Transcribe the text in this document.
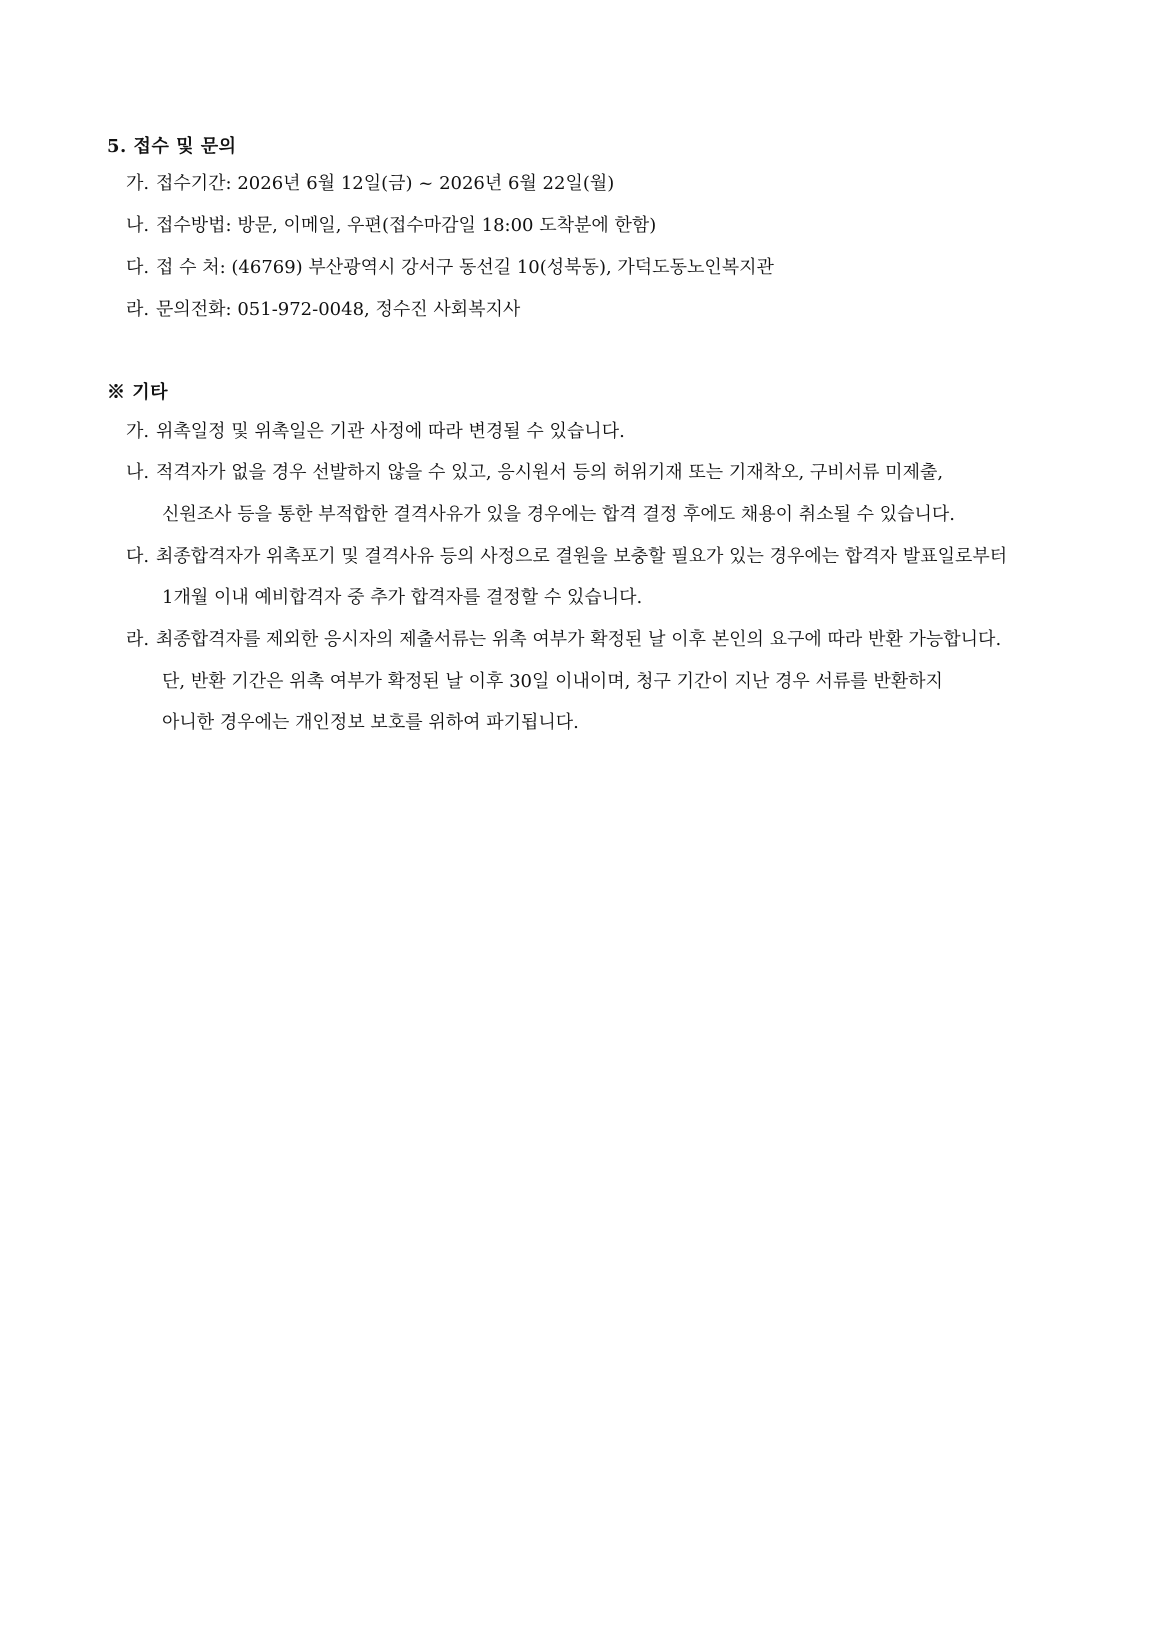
5. 접수 및 문의
가. 접수기간: 2026년 6월 12일(금) ~ 2026년 6월 22일(월)
나. 접수방법: 방문, 이메일, 우편(접수마감일 18:00 도착분에 한함)
다. 접 수 처: (46769) 부산광역시 강서구 동선길 10(성북동), 가덕도동노인복지관
라. 문의전화: 051-972-0048, 정수진 사회복지사
※ 기타
가. 위촉일정 및 위촉일은 기관 사정에 따라 변경될 수 있습니다.
나. 적격자가 없을 경우 선발하지 않을 수 있고, 응시원서 등의 허위기재 또는 기재착오, 구비서류 미제출,
신원조사 등을 통한 부적합한 결격사유가 있을 경우에는 합격 결정 후에도 채용이 취소될 수 있습니다.
다. 최종합격자가 위촉포기 및 결격사유 등의 사정으로 결원을 보충할 필요가 있는 경우에는 합격자 발표일로부터
1개월 이내 예비합격자 중 추가 합격자를 결정할 수 있습니다.
라. 최종합격자를 제외한 응시자의 제출서류는 위촉 여부가 확정된 날 이후 본인의 요구에 따라 반환 가능합니다.
단, 반환 기간은 위촉 여부가 확정된 날 이후 30일 이내이며, 청구 기간이 지난 경우 서류를 반환하지
아니한 경우에는 개인정보 보호를 위하여 파기됩니다.
